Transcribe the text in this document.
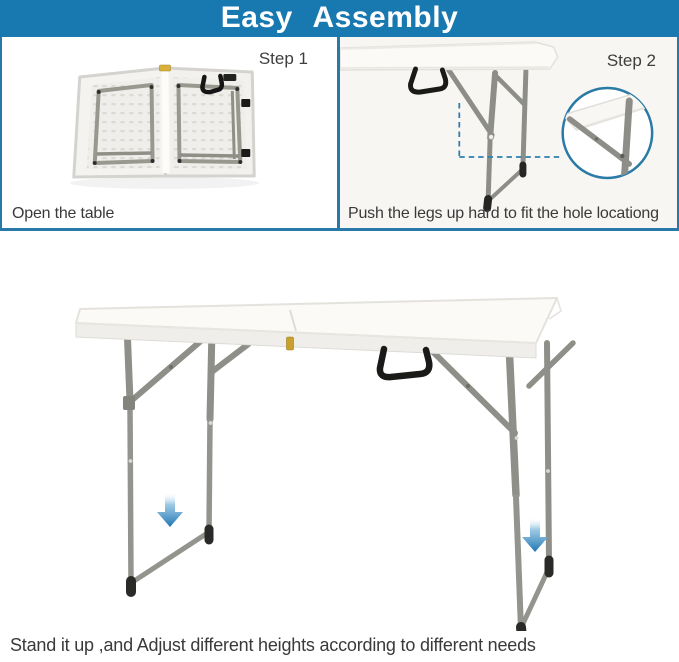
Easy Assembly
Step 1
Open the table
Step 2
Push the legs up hard to fit the hole locationg
Stand it up ,and Adjust different heights according to different needs
